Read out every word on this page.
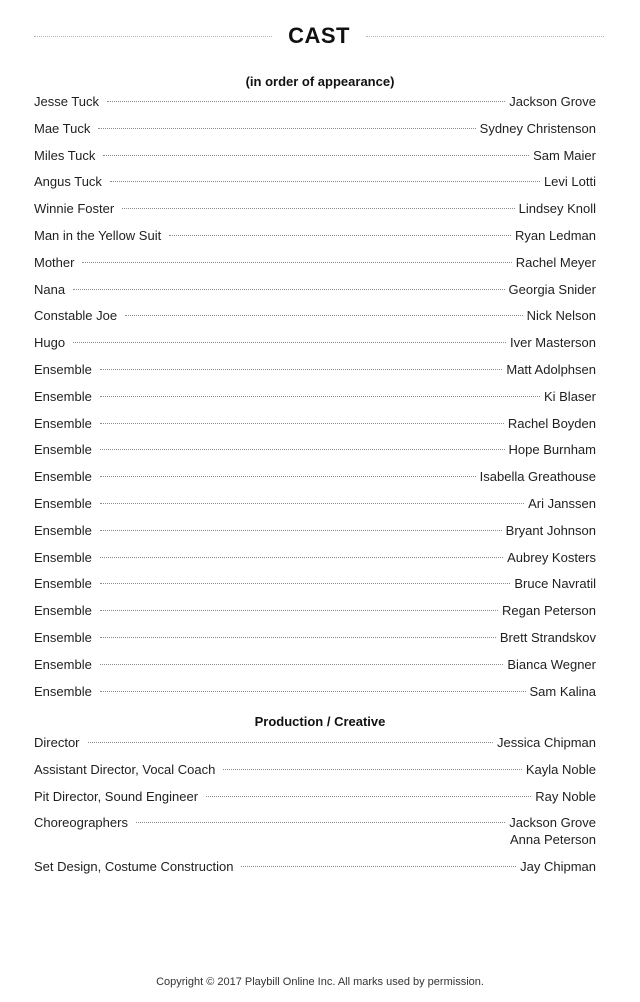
CAST
(in order of appearance)
Jesse Tuck	Jackson Grove
Mae Tuck	Sydney Christenson
Miles Tuck	Sam Maier
Angus Tuck	Levi Lotti
Winnie Foster	Lindsey Knoll
Man in the Yellow Suit	Ryan Ledman
Mother	Rachel Meyer
Nana	Georgia Snider
Constable Joe	Nick Nelson
Hugo	Iver Masterson
Ensemble	Matt Adolphsen
Ensemble	Ki Blaser
Ensemble	Rachel Boyden
Ensemble	Hope Burnham
Ensemble	Isabella Greathouse
Ensemble	Ari Janssen
Ensemble	Bryant Johnson
Ensemble	Aubrey Kosters
Ensemble	Bruce Navratil
Ensemble	Regan Peterson
Ensemble	Brett Strandskov
Ensemble	Bianca Wegner
Ensemble	Sam Kalina
Production / Creative
Director	Jessica Chipman
Assistant Director, Vocal Coach	Kayla Noble
Pit Director, Sound Engineer	Ray Noble
Choreographers	Jackson Grove
Anna Peterson
Set Design, Costume Construction	Jay Chipman
Copyright © 2017 Playbill Online Inc. All marks used by permission.
